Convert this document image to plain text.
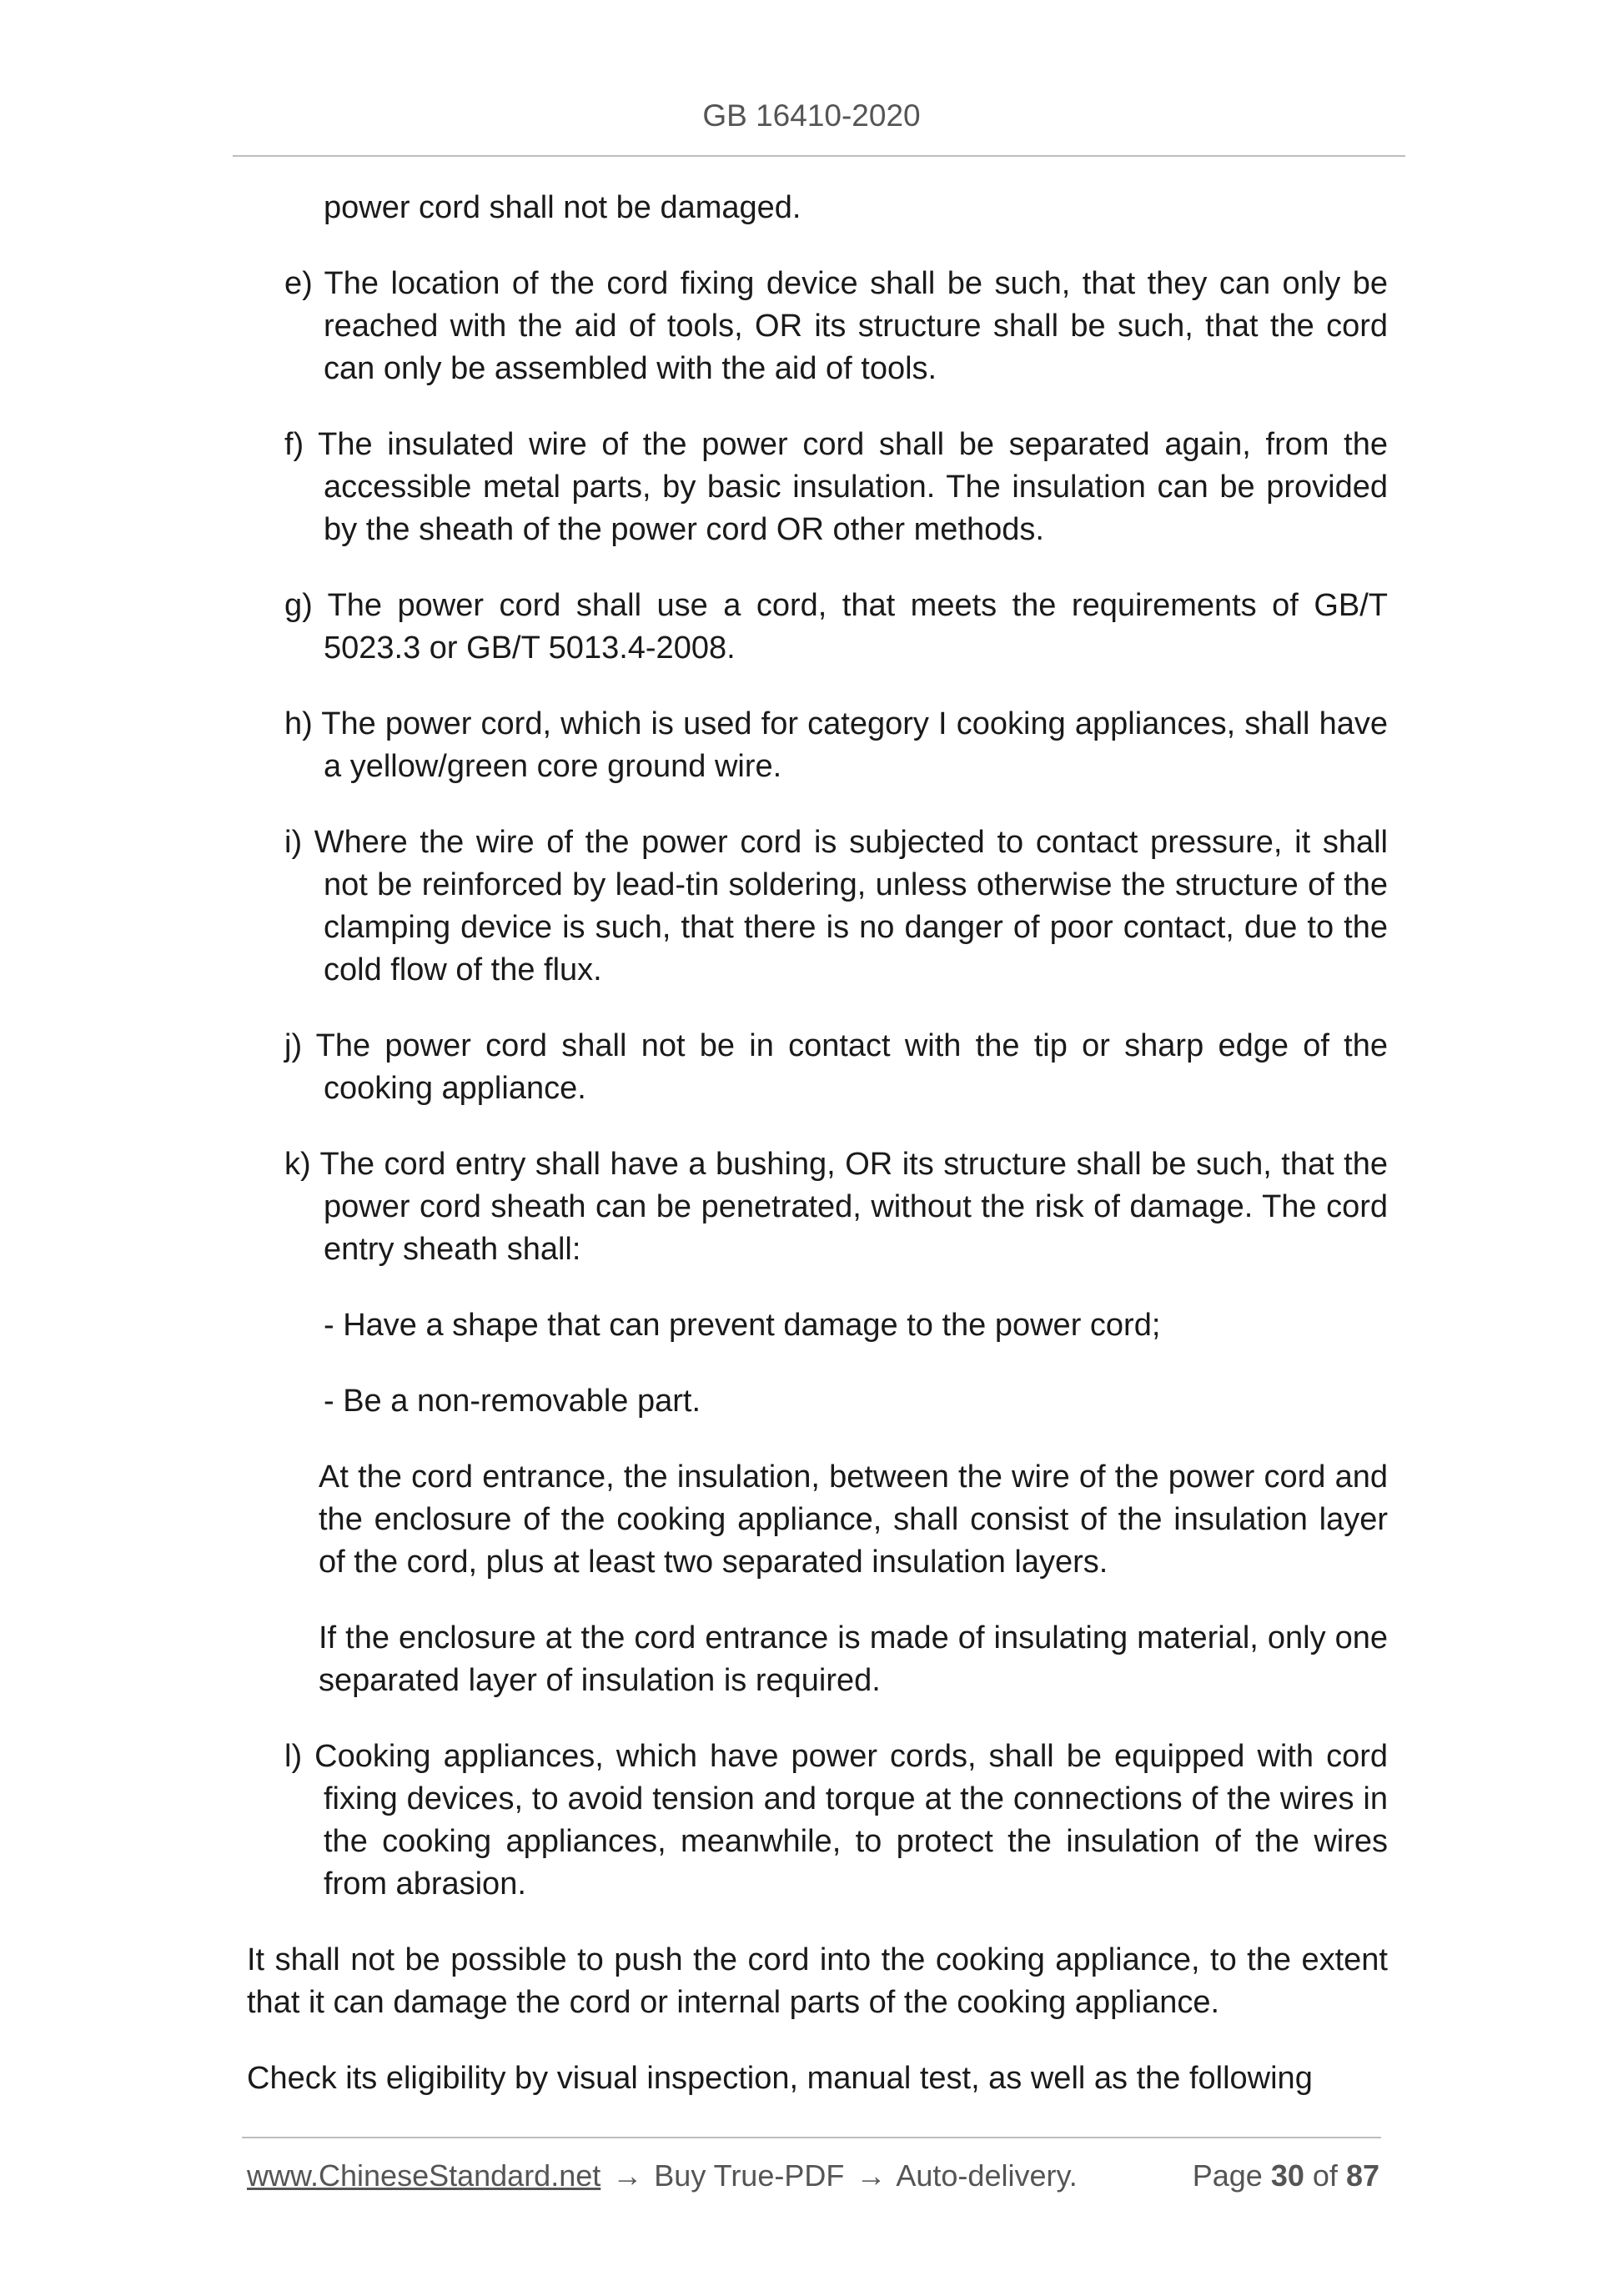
GB 16410-2020

power cord shall not be damaged.

e) The location of the cord fixing device shall be such, that they can only be reached with the aid of tools, OR its structure shall be such, that the cord can only be assembled with the aid of tools.

f) The insulated wire of the power cord shall be separated again, from the accessible metal parts, by basic insulation. The insulation can be provided by the sheath of the power cord OR other methods.

g) The power cord shall use a cord, that meets the requirements of GB/T 5023.3 or GB/T 5013.4-2008.

h) The power cord, which is used for category I cooking appliances, shall have a yellow/green core ground wire.

i) Where the wire of the power cord is subjected to contact pressure, it shall not be reinforced by lead-tin soldering, unless otherwise the structure of the clamping device is such, that there is no danger of poor contact, due to the cold flow of the flux.

j) The power cord shall not be in contact with the tip or sharp edge of the cooking appliance.

k) The cord entry shall have a bushing, OR its structure shall be such, that the power cord sheath can be penetrated, without the risk of damage. The cord entry sheath shall:

- Have a shape that can prevent damage to the power cord;

- Be a non-removable part.

At the cord entrance, the insulation, between the wire of the power cord and the enclosure of the cooking appliance, shall consist of the insulation layer of the cord, plus at least two separated insulation layers.

If the enclosure at the cord entrance is made of insulating material, only one separated layer of insulation is required.

l) Cooking appliances, which have power cords, shall be equipped with cord fixing devices, to avoid tension and torque at the connections of the wires in the cooking appliances, meanwhile, to protect the insulation of the wires from abrasion.

It shall not be possible to push the cord into the cooking appliance, to the extent that it can damage the cord or internal parts of the cooking appliance.

Check its eligibility by visual inspection, manual test, as well as the following

www.ChineseStandard.net → Buy True-PDF → Auto-delivery.	Page 30 of 87
